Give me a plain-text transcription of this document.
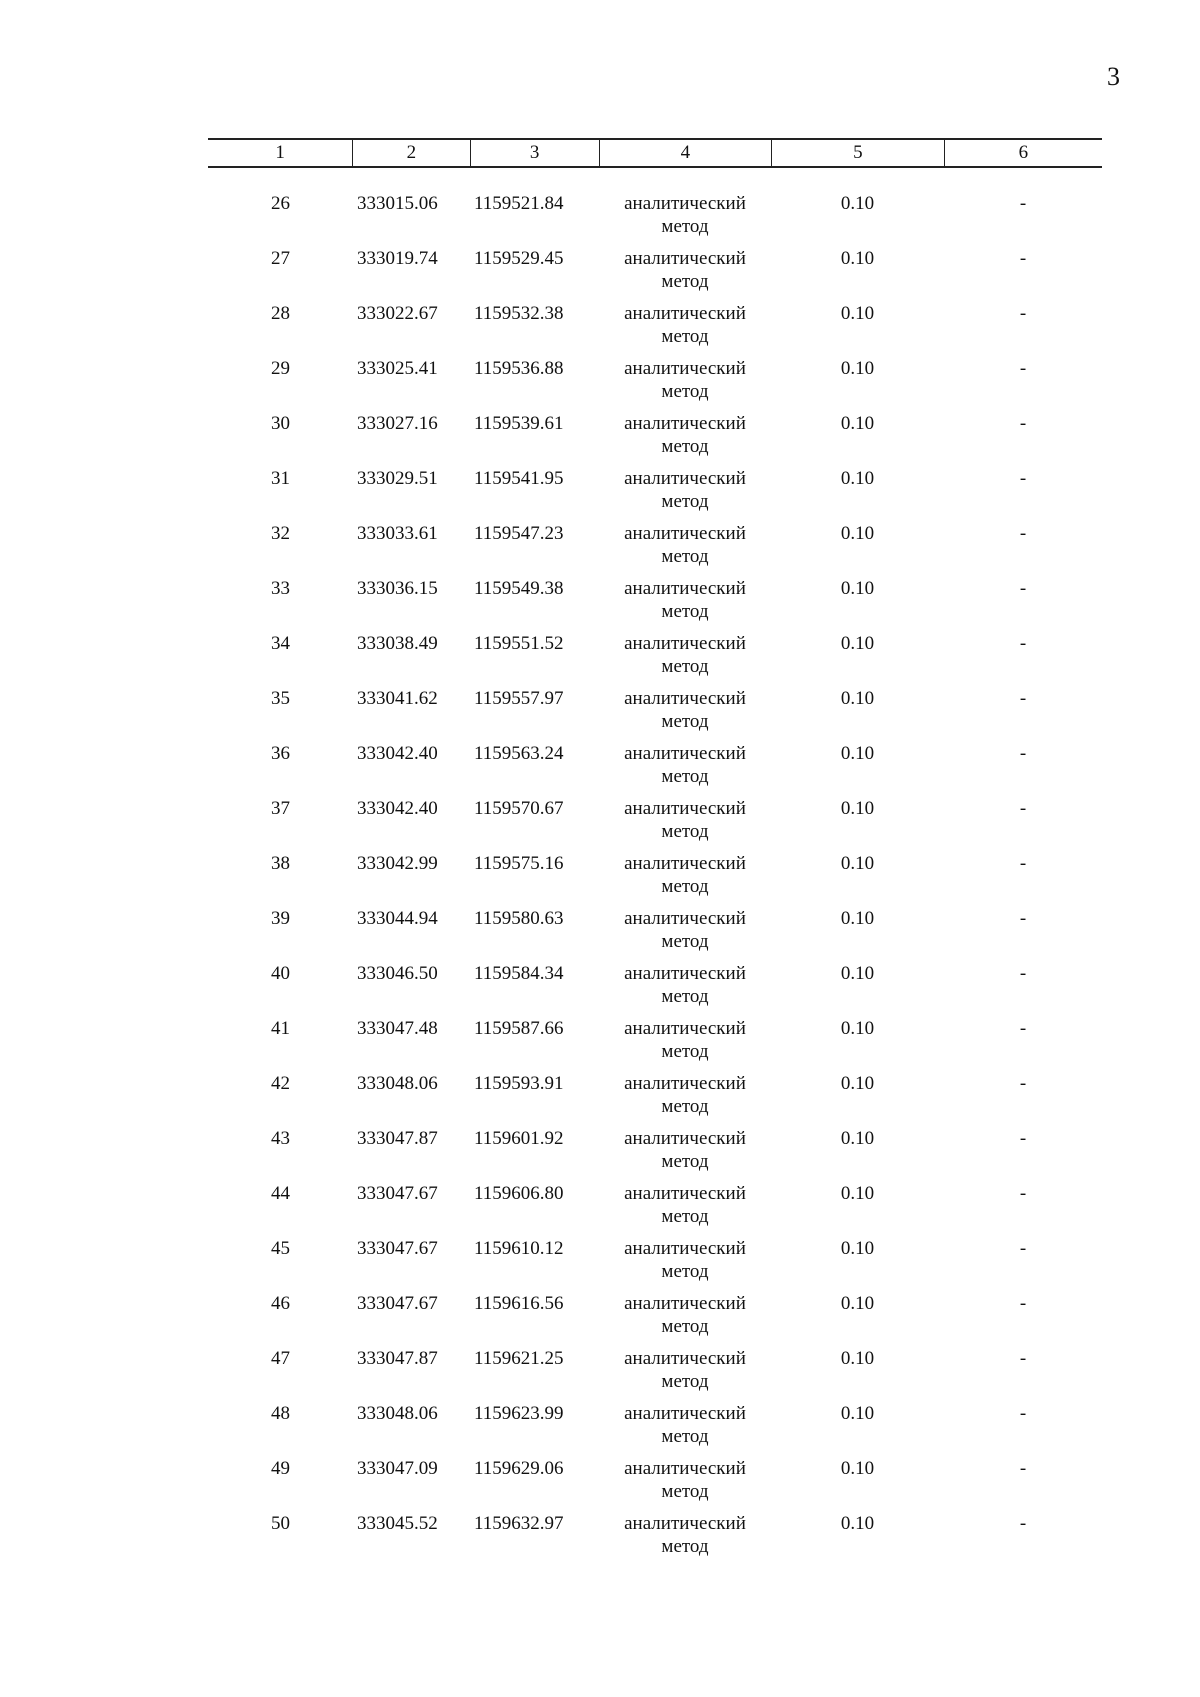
3
1	2	3	4	5	6
26	333015.06	1159521.84	аналитический
метод
0.10	-
27	333019.74	1159529.45	аналитический
метод
0.10	-
28	333022.67	1159532.38	аналитический
метод
0.10	-
29	333025.41	1159536.88	аналитический
метод
0.10	-
30	333027.16	1159539.61	аналитический
метод
0.10	-
31	333029.51	1159541.95	аналитический
метод
0.10	-
32	333033.61	1159547.23	аналитический
метод
0.10	-
33	333036.15	1159549.38	аналитический
метод
0.10	-
34	333038.49	1159551.52	аналитический
метод
0.10	-
35	333041.62	1159557.97	аналитический
метод
0.10	-
36	333042.40	1159563.24	аналитический
метод
0.10	-
37	333042.40	1159570.67	аналитический
метод
0.10	-
38	333042.99	1159575.16	аналитический
метод
0.10	-
39	333044.94	1159580.63	аналитический
метод
0.10	-
40	333046.50	1159584.34	аналитический
метод
0.10	-
41	333047.48	1159587.66	аналитический
метод
0.10	-
42	333048.06	1159593.91	аналитический
метод
0.10	-
43	333047.87	1159601.92	аналитический
метод
0.10	-
44	333047.67	1159606.80	аналитический
метод
0.10	-
45	333047.67	1159610.12	аналитический
метод
0.10	-
46	333047.67	1159616.56	аналитический
метод
0.10	-
47	333047.87	1159621.25	аналитический
метод
0.10	-
48	333048.06	1159623.99	аналитический
метод
0.10	-
49	333047.09	1159629.06	аналитический
метод
0.10	-
50	333045.52	1159632.97	аналитический
метод
0.10	-
